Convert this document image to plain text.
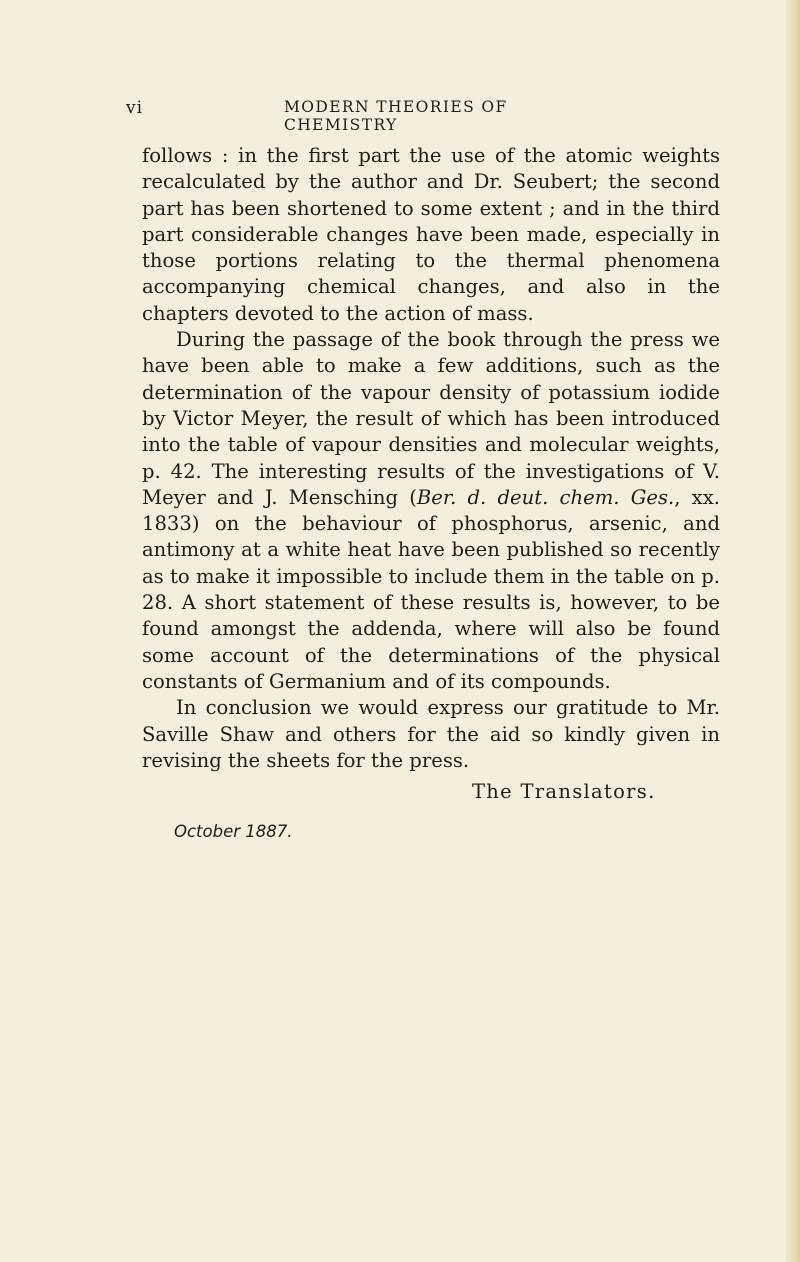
vi	MODERN THEORIES OF CHEMISTRY

follows : in the first part the use of the atomic weights recalculated by the author and Dr. Seubert; the second part has been shortened to some extent ; and in the third part considerable changes have been made, especially in those portions relating to the thermal phenomena accompanying chemical changes, and also in the chapters devoted to the action of mass.

During the passage of the book through the press we have been able to make a few additions, such as the determination of the vapour density of potassium iodide by Victor Meyer, the result of which has been introduced into the table of vapour densities and molecular weights, p. 42. The interesting results of the investigations of V. Meyer and J. Mensching (Ber. d. deut. chem. Ges., xx. 1833) on the behaviour of phosphorus, arsenic, and antimony at a white heat have been published so recently as to make it impossible to include them in the table on p. 28. A short statement of these results is, however, to be found amongst the addenda, where will also be found some account of the determinations of the physical constants of Germanium and of its compounds.

In conclusion we would express our gratitude to Mr. Saville Shaw and others for the aid so kindly given in revising the sheets for the press.

The Translators.
October 1887.
